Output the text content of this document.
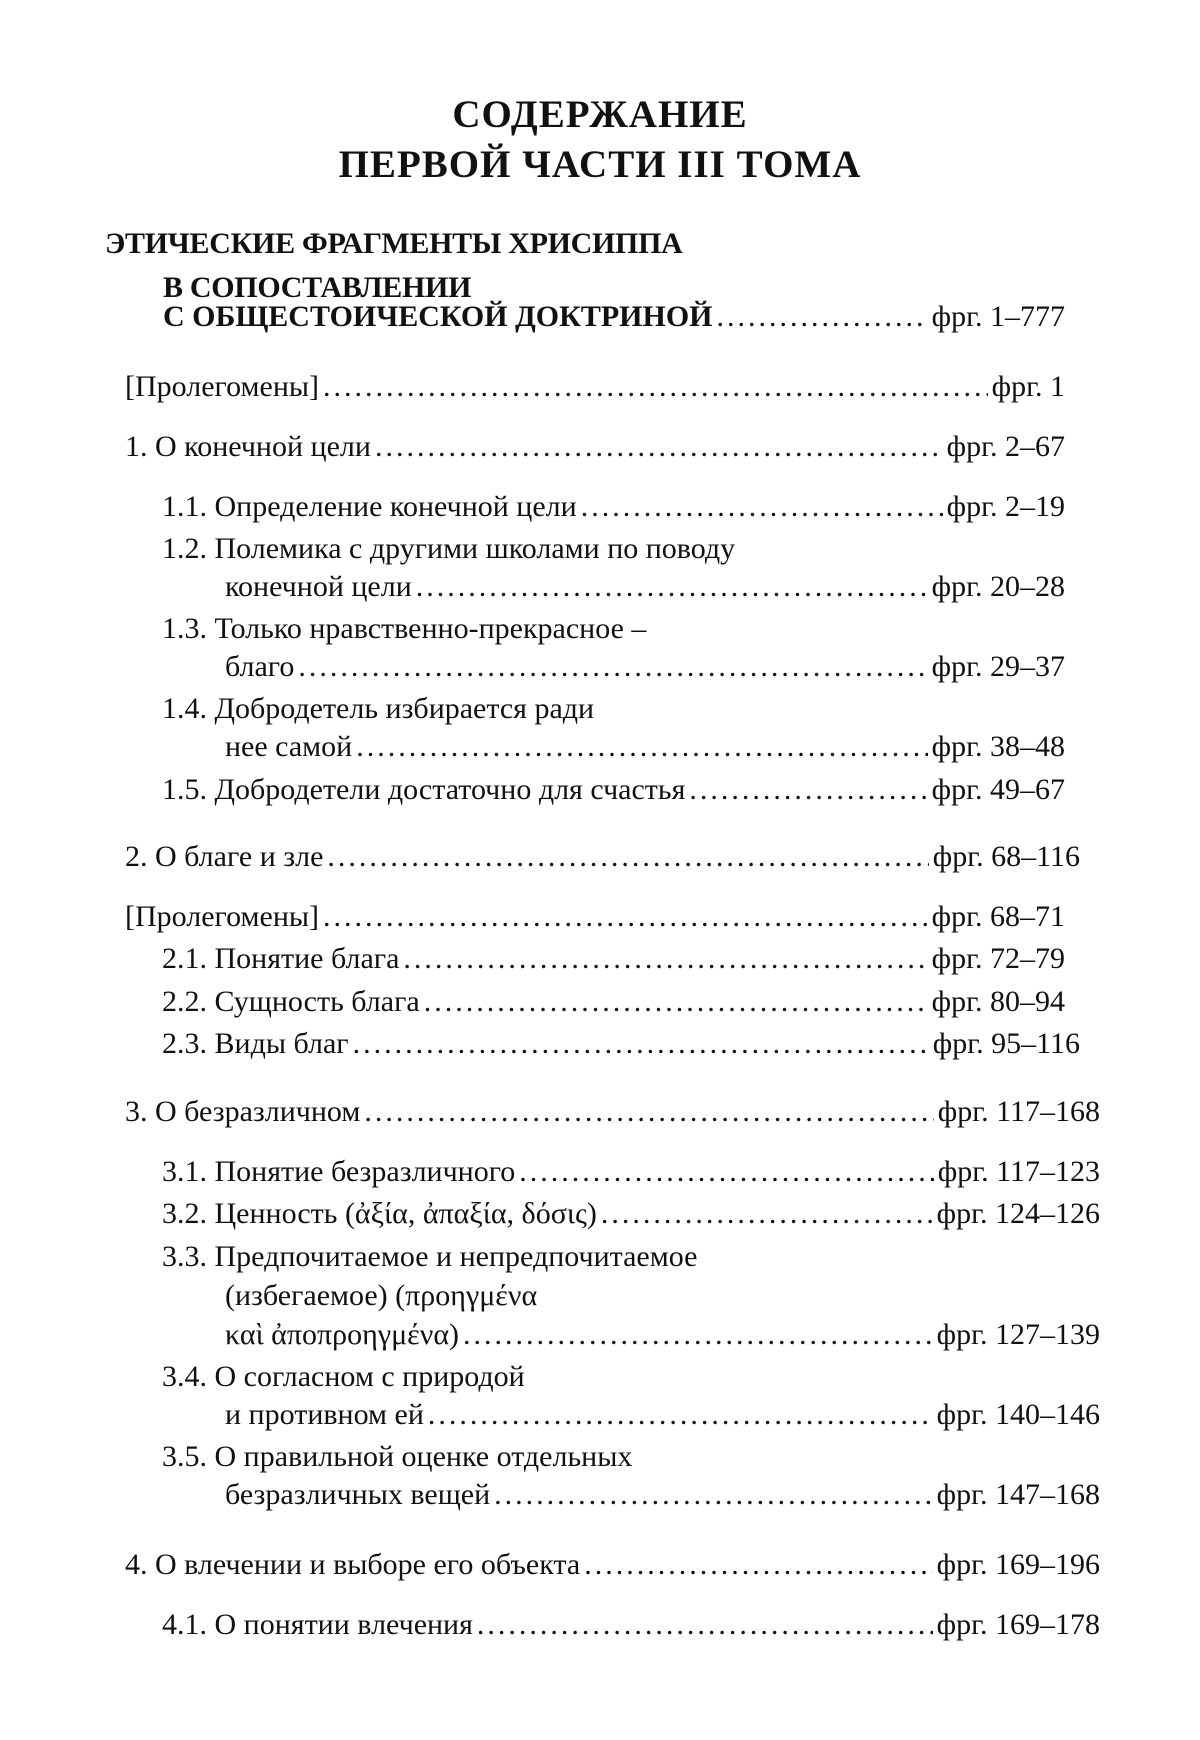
СОДЕРЖАНИЕ
ПЕРВОЙ ЧАСТИ III ТОМА
ЭТИЧЕСКИЕ ФРАГМЕНТЫ ХРИСИППА
В СОПОСТАВЛЕНИИ
С ОБЩЕСТОИЧЕСКОЙ ДОКТРИНОЙ .....	фрг. 1–777
[Пролегомены] .....	фрг. 1
1. О конечной цели .....	фрг. 2–67
1.1. Определение конечной цели .....	фрг. 2–19
1.2. Полемика с другими школами по поводу
конечной цели .....	фрг. 20–28
1.3. Только нравственно-прекрасное –
благо .....	фрг. 29–37
1.4. Добродетель избирается ради
нее самой .....	фрг. 38–48
1.5. Добродетели достаточно для счастья .....	фрг. 49–67
2. О благе и зле .....	фрг. 68–116
[Пролегомены] .....	фрг. 68–71
2.1. Понятие блага .....	фрг. 72–79
2.2. Сущность блага .....	фрг. 80–94
2.3. Виды благ .....	фрг. 95–116
3. О безразличном .....	фрг. 117–168
3.1. Понятие безразличного .....	фрг. 117–123
3.2. Ценность (ἀξία, ἀπαξία, δόσις) .....	фрг. 124–126
3.3. Предпочитаемое и непредпочитаемое
(избегаемое) (προηγμένα
καὶ ἀποπροηγμένα) .....	фрг. 127–139
3.4. О согласном с природой
и противном ей .....	фрг. 140–146
3.5. О правильной оценке отдельных
безразличных вещей .....	фрг. 147–168
4. О влечении и выборе его объекта .....	фрг. 169–196
4.1. О понятии влечения .....	фрг. 169–178
